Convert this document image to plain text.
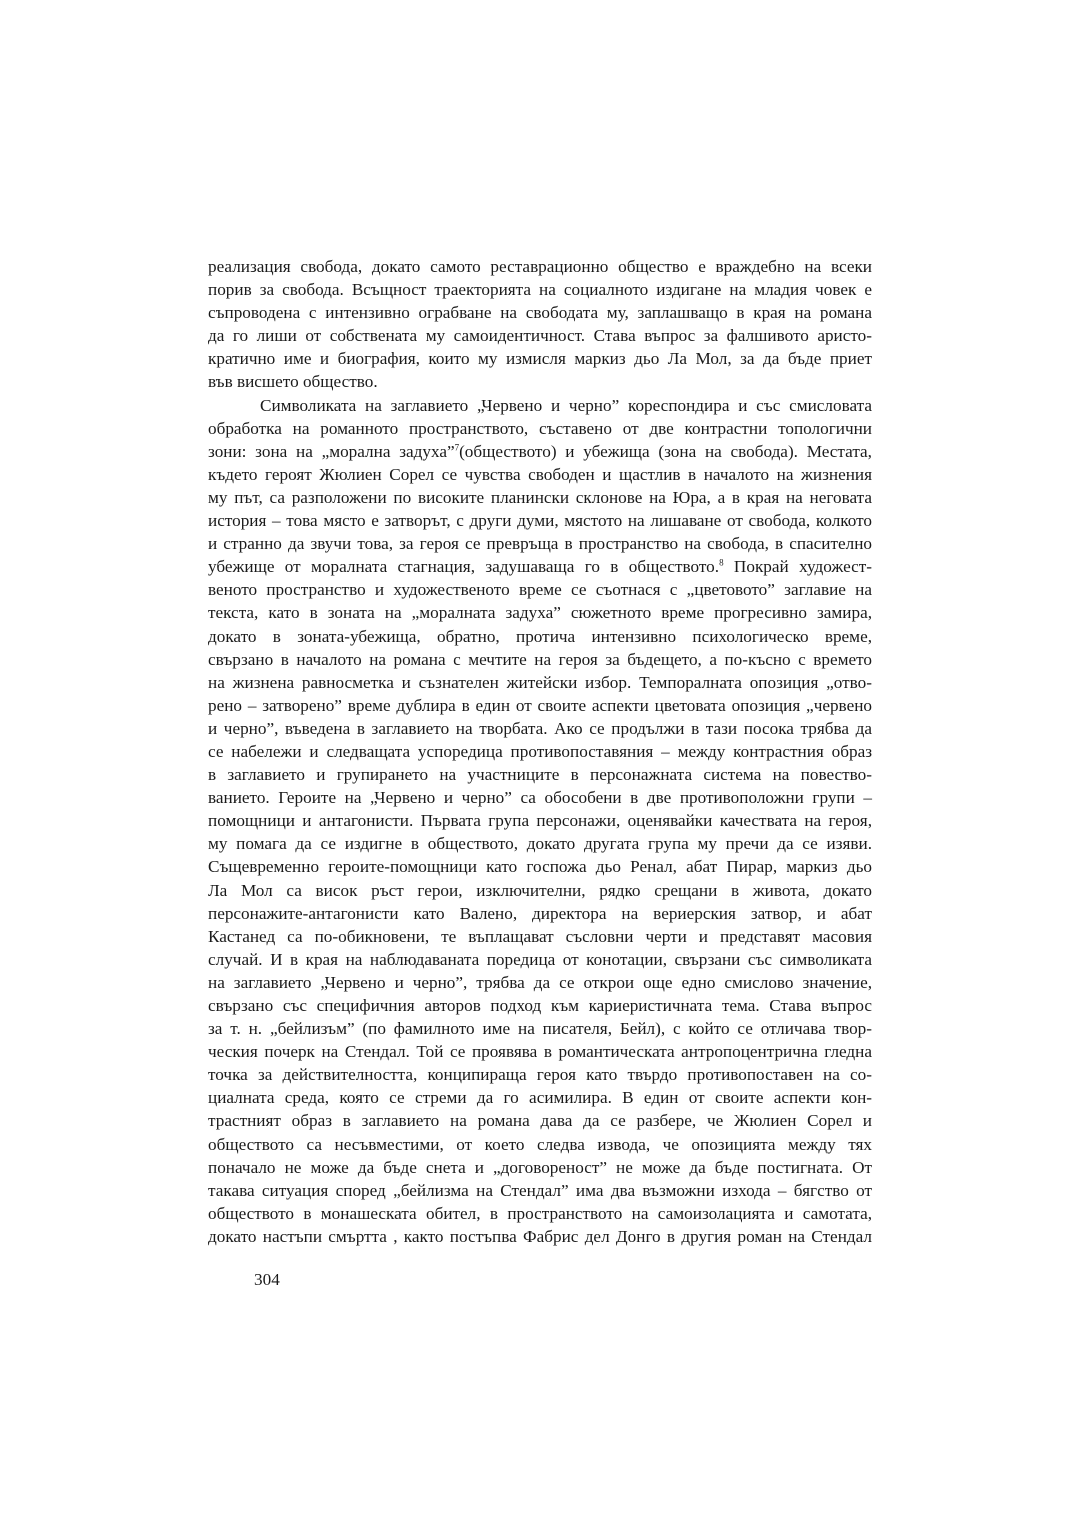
реализация свобода, докато самото реставрационно общество е враждебно на всеки
порив за свобода. Всъщност траекторията на социалното издигане на младия човек е
съпроводена с интензивно ограбване на свободата му, заплашващо в края на романа
да го лиши от собствената му самоидентичност. Става въпрос за фалшивото аристо-
кратично име и биография, които му измисля маркиз дьо Ла Мол, за да бъде приет
във висшето общество.
Символиката на заглавието „Червено и черно” кореспондира и със смисловата
обработка на романното пространството, съставено от две контрастни топологични
зони: зона на „морална задуха”$^7$(обществото) и убежища (зона на свобода). Местата,
където героят Жюлиен Сорел се чувства свободен и щастлив в началото на жизнения
му път, са разположени по високите планински склонове на Юра, а в края на неговата
история – това място е затворът, с други думи, мястото на лишаване от свобода, колкото
и странно да звучи това, за героя се превръща в пространство на свобода, в спасително
убежище от моралната стагнация, задушаваща го в обществото.$^8$ Покрай художест-
веното пространство и художественото време се съотнася с „цветовото” заглавие на
текста, като в зоната на „моралната задуха” сюжетното време прогресивно замира,
докато в зоната-убежища, обратно, протича интензивно психологическо време,
свързано в началото на романа с мечтите на героя за бъдещето, а по-късно с времето
на жизнена равносметка и съзнателен житейски избор. Темпоралната опозиция „отво-
рено – затворено” време дублира в един от своите аспекти цветовата опозиция „червено
и черно”, въведена в заглавието на творбата. Ако се продължи в тази посока трябва да
се набележи и следващата успоредица противопоставяния – между контрастния образ
в заглавието и групирането на участниците в персонажната система на повество-
ванието. Героите на „Червено и черно” са обособени в две противоположни групи –
помощници и антагонисти. Първата група персонажи, оценявайки качествата на героя,
му помага да се издигне в обществото, докато другата група му пречи да се изяви.
Същевременно героите-помощници като госпожа дьо Ренал, абат Пирар, маркиз дьо
Ла Мол са висок ръст герои, изключителни, рядко срещани в живота, докато
персонажите-антагонисти като Валено, директора на вериерския затвор, и абат
Кастанед са по-обикновени, те въплащават съсловни черти и представят масовия
случай. И в края на наблюдаваната поредица от конотации, свързани със символиката
на заглавието „Червено и черно”, трябва да се открои още едно смислово значение,
свързано със специфичния авторов подход към кариеристичната тема. Става въпрос
за т. н. „бейлизъм” (по фамилното име на писателя, Бейл), с който се отличава твор-
ческия почерк на Стендал. Той се проявява в романтическата антропоцентрична гледна
точка за действителността, конципираща героя като твърдо противопоставен на со-
циалната среда, която се стреми да го асимилира. В един от своите аспекти кон-
трастният образ в заглавието на романа дава да се разбере, че Жюлиен Сорел и
обществото са несъвместими, от което следва извода, че опозицията между тях
поначало не може да бъде снета и „договореност” не може да бъде постигната. От
такава ситуация според „бейлизма на Стендал” има два възможни изхода – бягство от
обществото в монашеската обител, в пространството на самоизолацията и самотата,
докато настъпи смъртта , както постъпва Фабрис дел Донго в другия роман на Стендал
304
